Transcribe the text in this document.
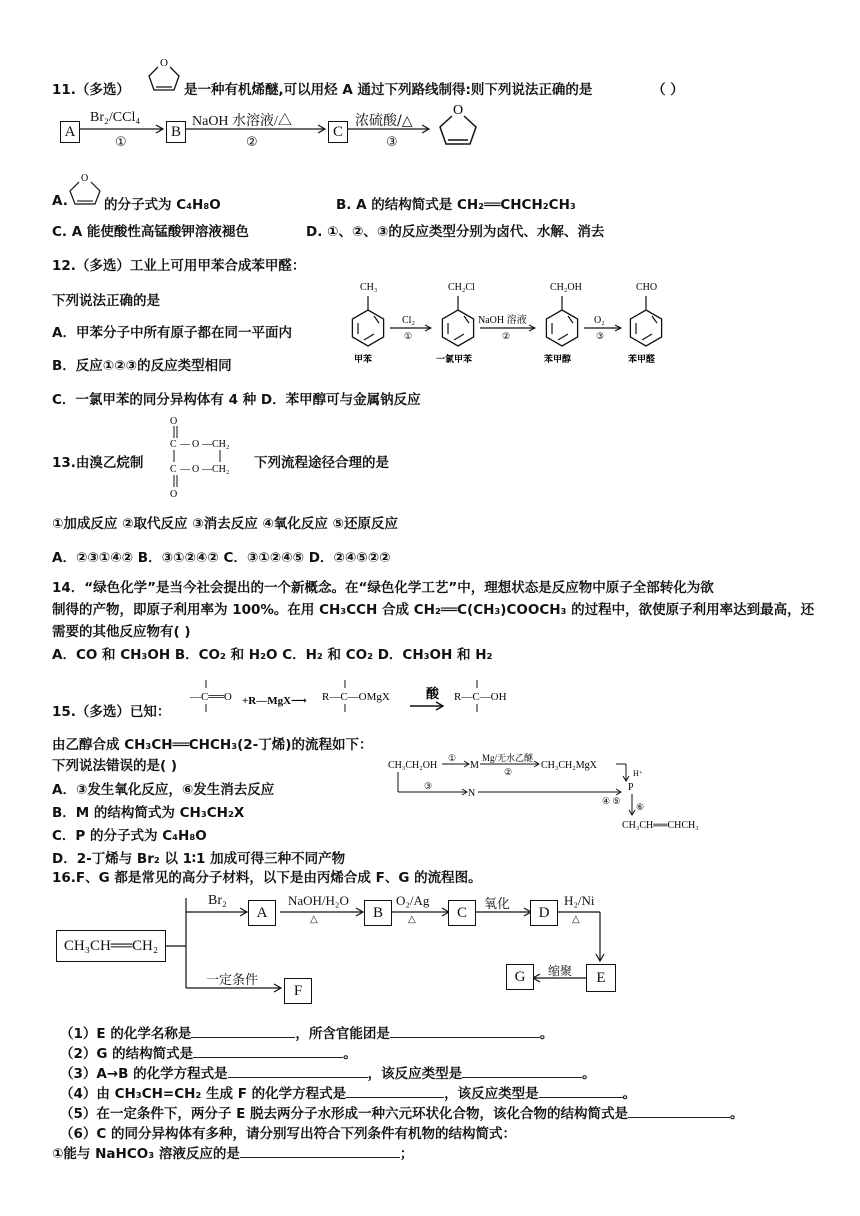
11.（多选）
O
是一种有机烯醚,可以用烃 A 通过下列路线制得:则下列说法正确的是	（ ）
A
Br₂/CCl₄
①
B
NaOH 水溶液/△
②
C
浓硫酸/△
③
O
A.
O
的分子式为 C₄H₈O	B. A 的结构简式是 CH₂══CHCH₂CH₃
C. A 能使酸性高锰酸钾溶液褪色	D. ①、②、③的反应类型分别为卤代、水解、消去
12.（多选）工业上可用甲苯合成苯甲醛：
下列说法正确的是
A．甲苯分子中所有原子都在同一平面内
B．反应①②③的反应类型相同
C．一氯甲苯的同分异构体有 4 种 D．苯甲醇可与金属钠反应
CH₃	CH₂Cl	CH₂OH	CHO
甲苯	一氯甲苯	苯甲醇	苯甲醛
Cl₂
①
NaOH 溶液
②
O₂
③
13.由溴乙烷制
O
C — O — CH₂
C — O — CH₂
O
下列流程途径合理的是
①加成反应 ②取代反应 ③消去反应 ④氧化反应 ⑤还原反应
A．②③①④② B．③①②④② C．③①②④⑤ D．②④⑤②②
14．“绿色化学”是当今社会提出的一个新概念。在“绿色化学工艺”中，理想状态是反应物中原子全部转化为欲
制得的产物，即原子利用率为 100%。在用 CH₃CCH 合成 CH₂══C(CH₃)COOCH₃ 的过程中，欲使原子利用率达到最高，还
需要的其他反应物有( )
A．CO 和 CH₃OH B．CO₂ 和 H₂O C．H₂ 和 CO₂ D．CH₃OH 和 H₂
15.（多选）已知：
—C══O +R—MgX⟶ R—C—OMgX	酸 R—C—OH
由乙醇合成 CH₃CH══CHCH₃(2-丁烯)的流程如下：
下列说法错误的是( )
A．③发生氧化反应，⑥发生消去反应
B．M 的结构简式为 CH₃CH₂X
C．P 的分子式为 C₄H₈O
D．2-丁烯与 Br₂ 以 1∶1 加成可得三种不同产物
CH₃CH₂OH
①
M
Mg/无水乙醚
②
CH₃CH₂MgX
H⁺
P
③
N
④ ⑤
⑥
CH₃CH══CHCH₃
16.F、G 都是常见的高分子材料，以下是由丙烯合成 F、G 的流程图。
CH₃CH══CH₂
Br₂
A
NaOH/H₂O
△	B
O₂/Ag
△	C	氧化	D
H₂/Ni
△
E
缩聚
G
一定条件
F
（1）E 的化学名称是	，所含官能团是	。
（2）G 的结构简式是	。
（3）A→B 的化学方程式是	，该反应类型是	。
（4）由 CH₃CH=CH₂ 生成 F 的化学方程式是	，该反应类型是	。
（5）在一定条件下，两分子 E 脱去两分子水形成一种六元环状化合物，该化合物的结构简式是	。
（6）C 的同分异构体有多种，请分别写出符合下列条件有机物的结构简式：
①能与 NaHCO₃ 溶液反应的是	；
